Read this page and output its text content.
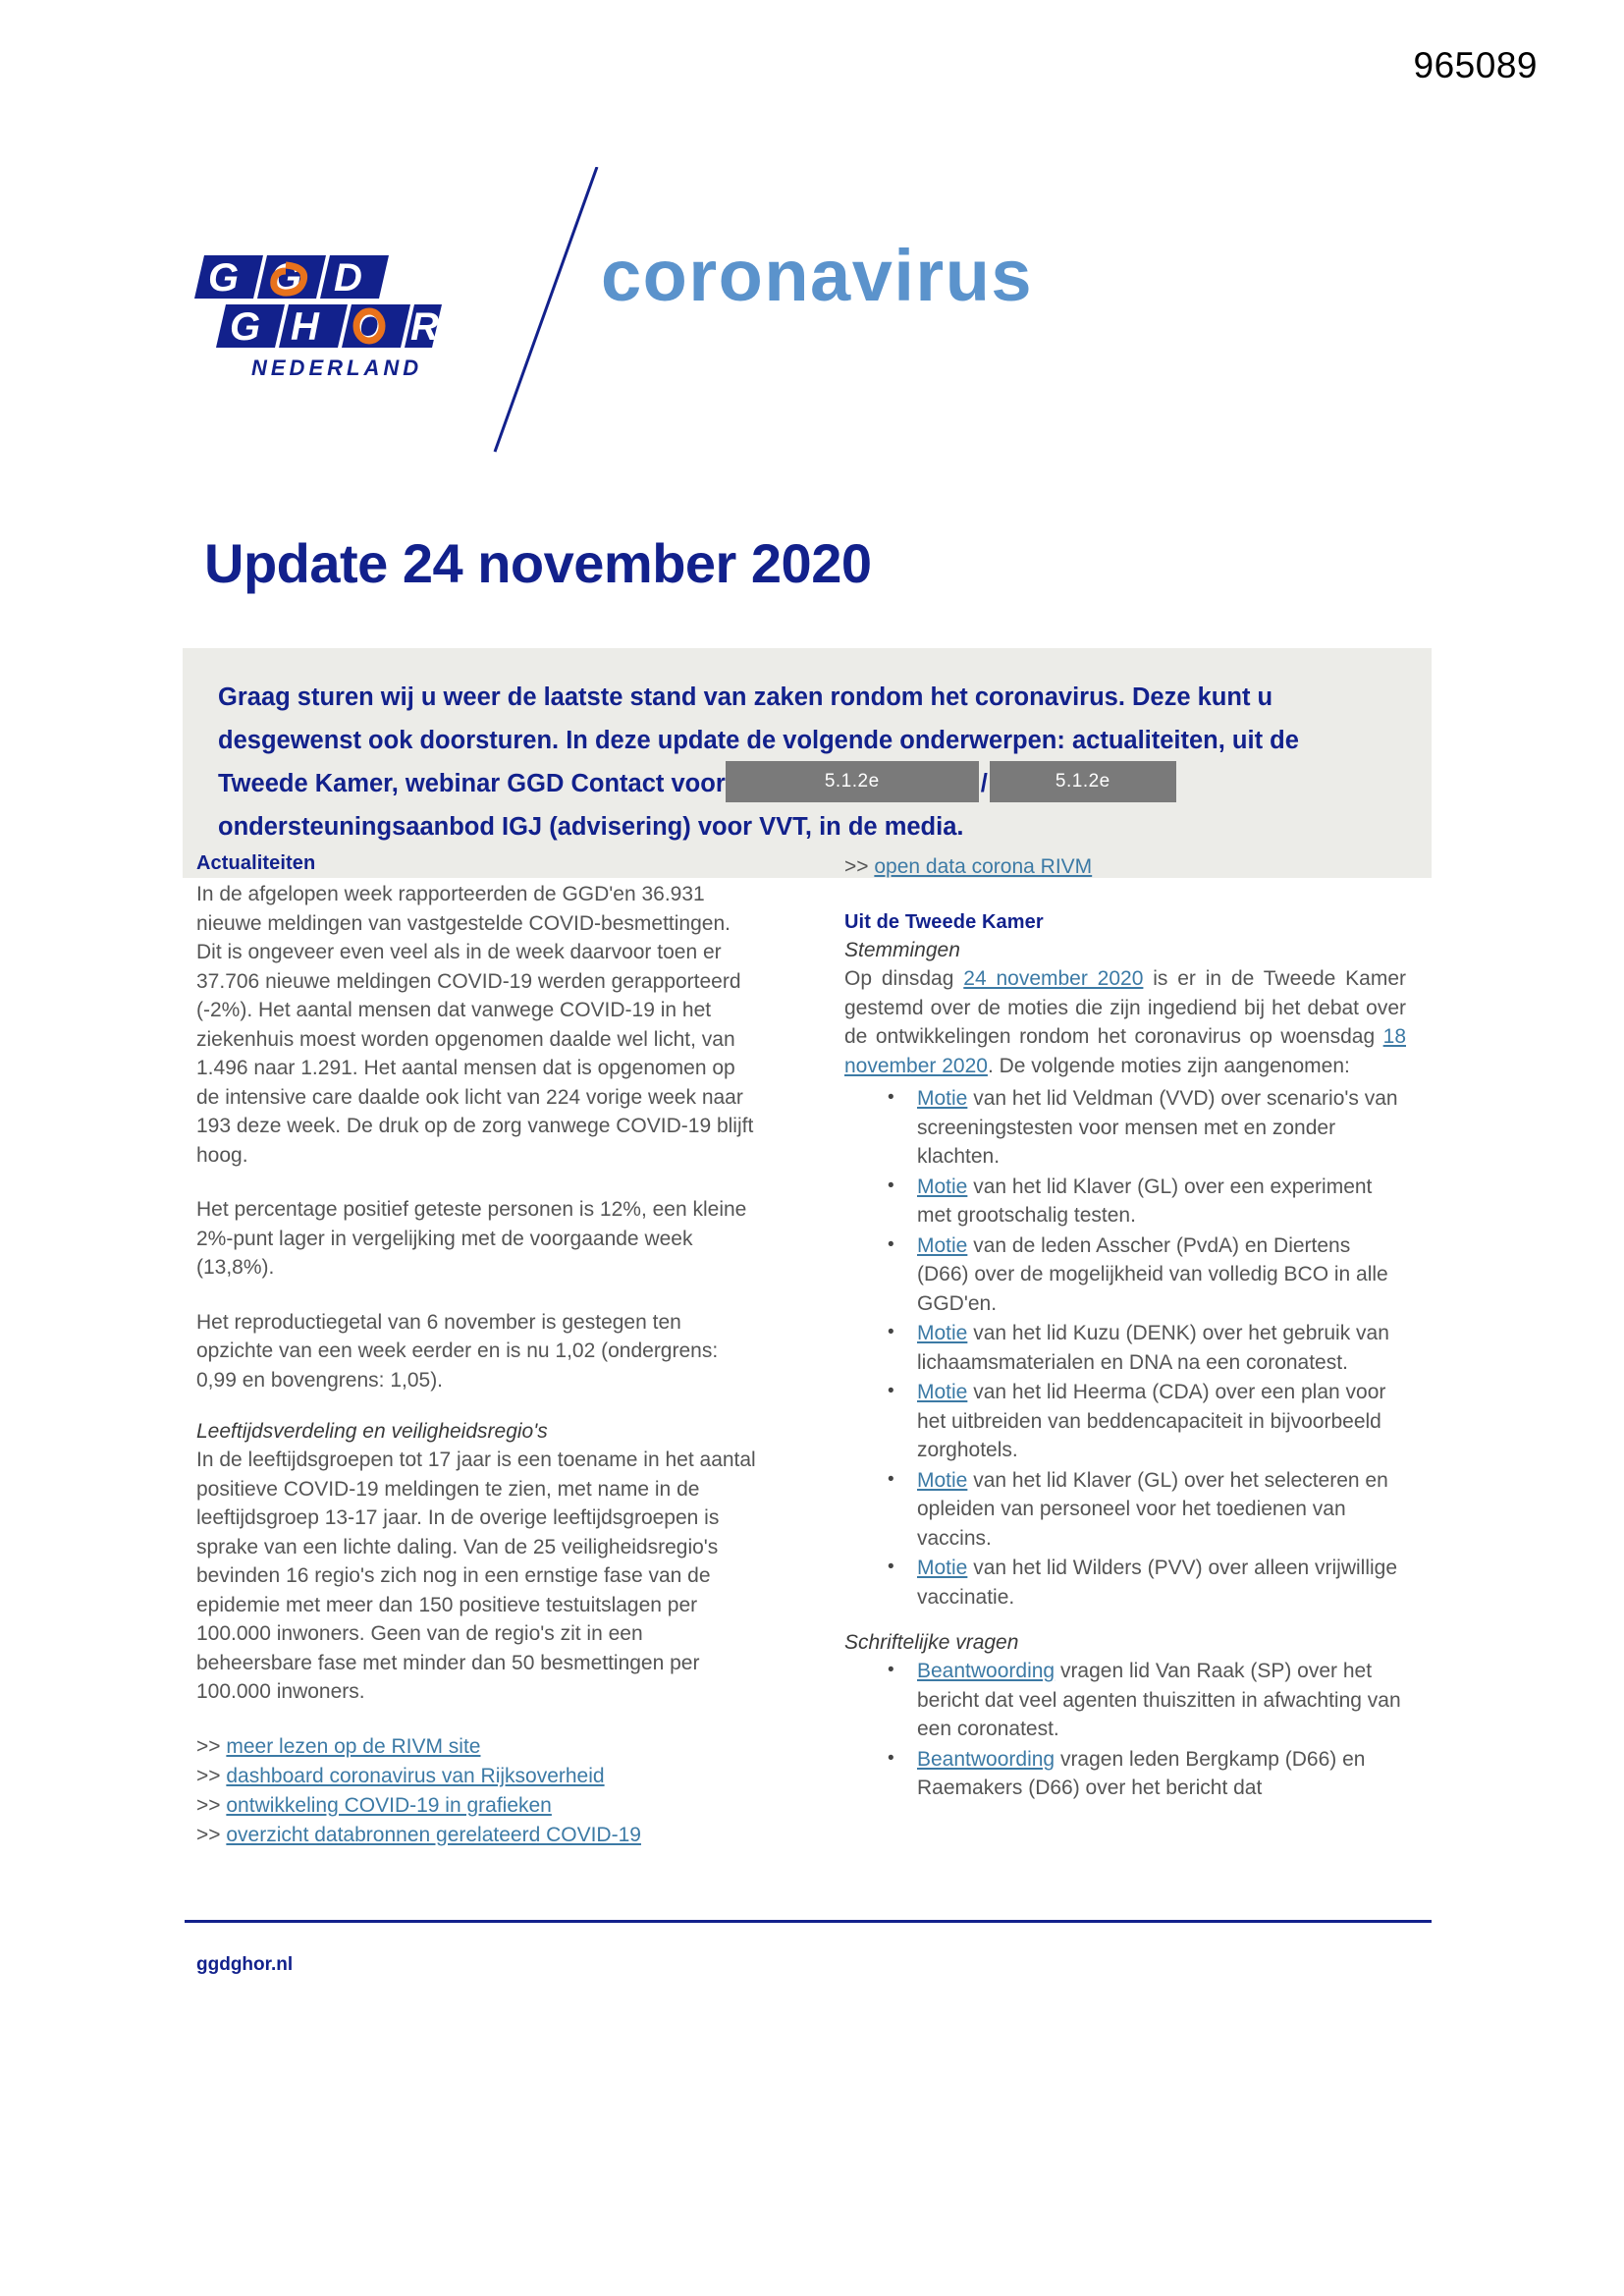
965089
G G D
G H O R
NEDERLAND
coronavirus
Update 24 november 2020

Graag sturen wij u weer de laatste stand van zaken rondom het coronavirus. Deze kunt u

desgewenst ook doorsturen. In deze update de volgende onderwerpen: actualiteiten, uit de

Tweede Kamer, webinar GGD Contact voor	5.1.2e	/	5.1.2e

ondersteuningsaanbod IGJ (advisering) voor VVT, in de media.

Actualiteiten

In de afgelopen week rapporteerden de GGD'en 36.931 nieuwe meldingen van vastgestelde COVID-besmettingen. Dit is ongeveer even veel als in de week daarvoor toen er 37.706 nieuwe meldingen COVID-19 werden gerapporteerd (-2%). Het aantal mensen dat vanwege COVID-19 in het ziekenhuis moest worden opgenomen daalde wel licht, van 1.496 naar 1.291. Het aantal mensen dat is opgenomen op de intensive care daalde ook licht van 224 vorige week naar 193 deze week. De druk op de zorg vanwege COVID-19 blijft hoog.

Het percentage positief geteste personen is 12%, een kleine 2%-punt lager in vergelijking met de voorgaande week (13,8%).

Het reproductiegetal van 6 november is gestegen ten opzichte van een week eerder en is nu 1,02 (ondergrens: 0,99 en bovengrens: 1,05).

Leeftijdsverdeling en veiligheidsregio's

In de leeftijdsgroepen tot 17 jaar is een toename in het aantal positieve COVID-19 meldingen te zien, met name in de leeftijdsgroep 13-17 jaar. In de overige leeftijdsgroepen is sprake van een lichte daling. Van de 25 veiligheidsregio's bevinden 16 regio's zich nog in een ernstige fase van de epidemie met meer dan 150 positieve testuitslagen per 100.000 inwoners. Geen van de regio's zit in een beheersbare fase met minder dan 50 besmettingen per 100.000 inwoners.

>> meer lezen op de RIVM site

>> dashboard coronavirus van Rijksoverheid

>> ontwikkeling COVID-19 in grafieken

>> overzicht databronnen gerelateerd COVID-19

>> open data corona RIVM

Uit de Tweede Kamer

Stemmingen

Op dinsdag 24 november 2020 is er in de Tweede Kamer gestemd over de moties die zijn ingediend bij het debat over de ontwikkelingen rondom het coronavirus op woensdag 18 november 2020. De volgende moties zijn aangenomen:

• Motie van het lid Veldman (VVD) over scenario's van screeningstesten voor mensen met en zonder klachten.
• Motie van het lid Klaver (GL) over een experiment met grootschalig testen.
• Motie van de leden Asscher (PvdA) en Diertens (D66) over de mogelijkheid van volledig BCO in alle GGD'en.
• Motie van het lid Kuzu (DENK) over het gebruik van lichaamsmaterialen en DNA na een coronatest.
• Motie van het lid Heerma (CDA) over een plan voor het uitbreiden van beddencapaciteit in bijvoorbeeld zorghotels.
• Motie van het lid Klaver (GL) over het selecteren en opleiden van personeel voor het toedienen van vaccins.
• Motie van het lid Wilders (PVV) over alleen vrijwillige vaccinatie.

Schriftelijke vragen

• Beantwoording vragen lid Van Raak (SP) over het bericht dat veel agenten thuiszitten in afwachting van een coronatest.
• Beantwoording vragen leden Bergkamp (D66) en Raemakers (D66) over het bericht dat
ggdghor.nl
